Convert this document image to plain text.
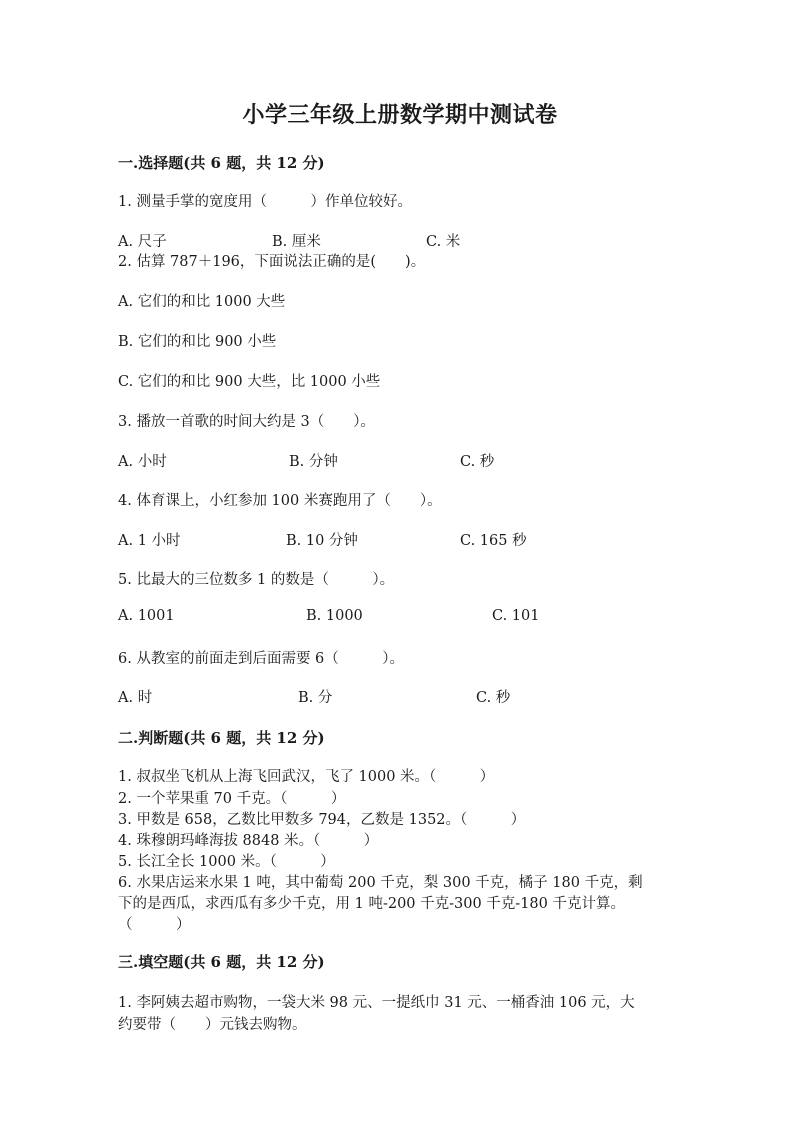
小学三年级上册数学期中测试卷
一.选择题(共 6 题，共 12 分)
1. 测量手掌的宽度用（　　　）作单位较好。
A. 尺子	B. 厘米	C. 米
2. 估算 787＋196，下面说法正确的是(　　)。
A. 它们的和比 1000 大些
B. 它们的和比 900 小些
C. 它们的和比 900 大些，比 1000 小些
3. 播放一首歌的时间大约是 3（　　）。
A. 小时	B. 分钟	C. 秒
4. 体育课上，小红参加 100 米赛跑用了（　　）。
A. 1 小时	B. 10 分钟	C. 165 秒
5. 比最大的三位数多 1 的数是（　　　）。
A. 1001	B. 1000	C. 101
6. 从教室的前面走到后面需要 6（　　　）。
A. 时	B. 分	C. 秒
二.判断题(共 6 题，共 12 分)
1. 叔叔坐飞机从上海飞回武汉，飞了 1000 米。（　　　）
2. 一个苹果重 70 千克。（　　　）
3. 甲数是 658，乙数比甲数多 794，乙数是 1352。（　　　）
4. 珠穆朗玛峰海拔 8848 米。（　　　）
5. 长江全长 1000 米。（　　　）
6. 水果店运来水果 1 吨，其中葡萄 200 千克，梨 300 千克，橘子 180 千克，剩
下的是西瓜，求西瓜有多少千克，用 1 吨-200 千克-300 千克-180 千克计算。
（　　　）
三.填空题(共 6 题，共 12 分)
1. 李阿姨去超市购物，一袋大米 98 元、一提纸巾 31 元、一桶香油 106 元，大
约要带（　　）元钱去购物。
